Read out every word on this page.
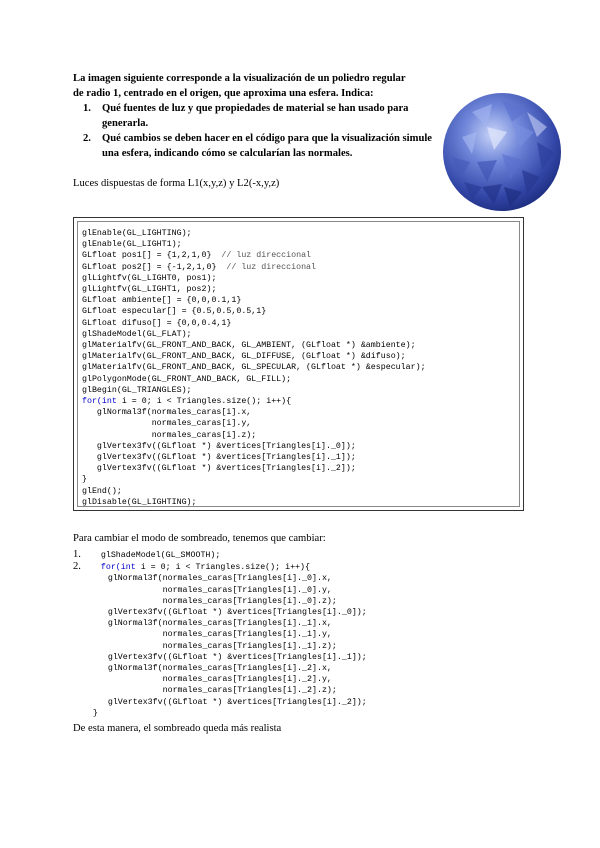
La imagen siguiente corresponde a la visualización de un poliedro regular
de radio 1, centrado en el origen, que aproxima una esfera. Indica:
1. Qué fuentes de luz y que propiedades de material se han usado para generarla.
2. Qué cambios se deben hacer en el código para que la visualización simule una esfera, indicando cómo se calcularían las normales.
Luces dispuestas de forma L1(x,y,z) y L2(-x,y,z)
glEnable(GL_LIGHTING);
glEnable(GL_LIGHT1);
GLfloat pos1[] = {1,2,1,0}  // luz direccional
GLfloat pos2[] = {-1,2,1,0}  // luz direccional
glLightfv(GL_LIGHT0, pos1);
glLightfv(GL_LIGHT1, pos2);
GLfloat ambiente[] = {0,0,0.1,1}
GLfloat especular[] = {0.5,0.5,0.5,1}
GLfloat difuso[] = {0,0,0.4,1}
glShadeModel(GL_FLAT);
glMaterialfv(GL_FRONT_AND_BACK, GL_AMBIENT, (GLfloat *) &ambiente);
glMaterialfv(GL_FRONT_AND_BACK, GL_DIFFUSE, (GLfloat *) &difuso);
glMaterialfv(GL_FRONT_AND_BACK, GL_SPECULAR, (GLfloat *) &especular);
glPolygonMode(GL_FRONT_AND_BACK, GL_FILL);
glBegin(GL_TRIANGLES);
for(int i = 0; i < Triangles.size(); i++){
glNormal3f(normales_caras[i].x,
normales_caras[i].y,
normales_caras[i].z);
glVertex3fv((GLfloat *) &vertices[Triangles[i]._0]);
glVertex3fv((GLfloat *) &vertices[Triangles[i]._1]);
glVertex3fv((GLfloat *) &vertices[Triangles[i]._2]);
}
glEnd();
glDisable(GL_LIGHTING);
Para cambiar el modo de sombreado, tenemos que cambiar:
1. glShadeModel(GL_SMOOTH);
2. for(int i = 0; i < Triangles.size(); i++){
glNormal3f(normales_caras[Triangles[i]._0].x,
normales_caras[Triangles[i]._0].y,
normales_caras[Triangles[i]._0].z);
glVertex3fv((GLfloat *) &vertices[Triangles[i]._0]);
glNormal3f(normales_caras[Triangles[i]._1].x,
normales_caras[Triangles[i]._1].y,
normales_caras[Triangles[i]._1].z);
glVertex3fv((GLfloat *) &vertices[Triangles[i]._1]);
glNormal3f(normales_caras[Triangles[i]._2].x,
normales_caras[Triangles[i]._2].y,
normales_caras[Triangles[i]._2].z);
glVertex3fv((GLfloat *) &vertices[Triangles[i]._2]);
}
De esta manera, el sombreado queda más realista
